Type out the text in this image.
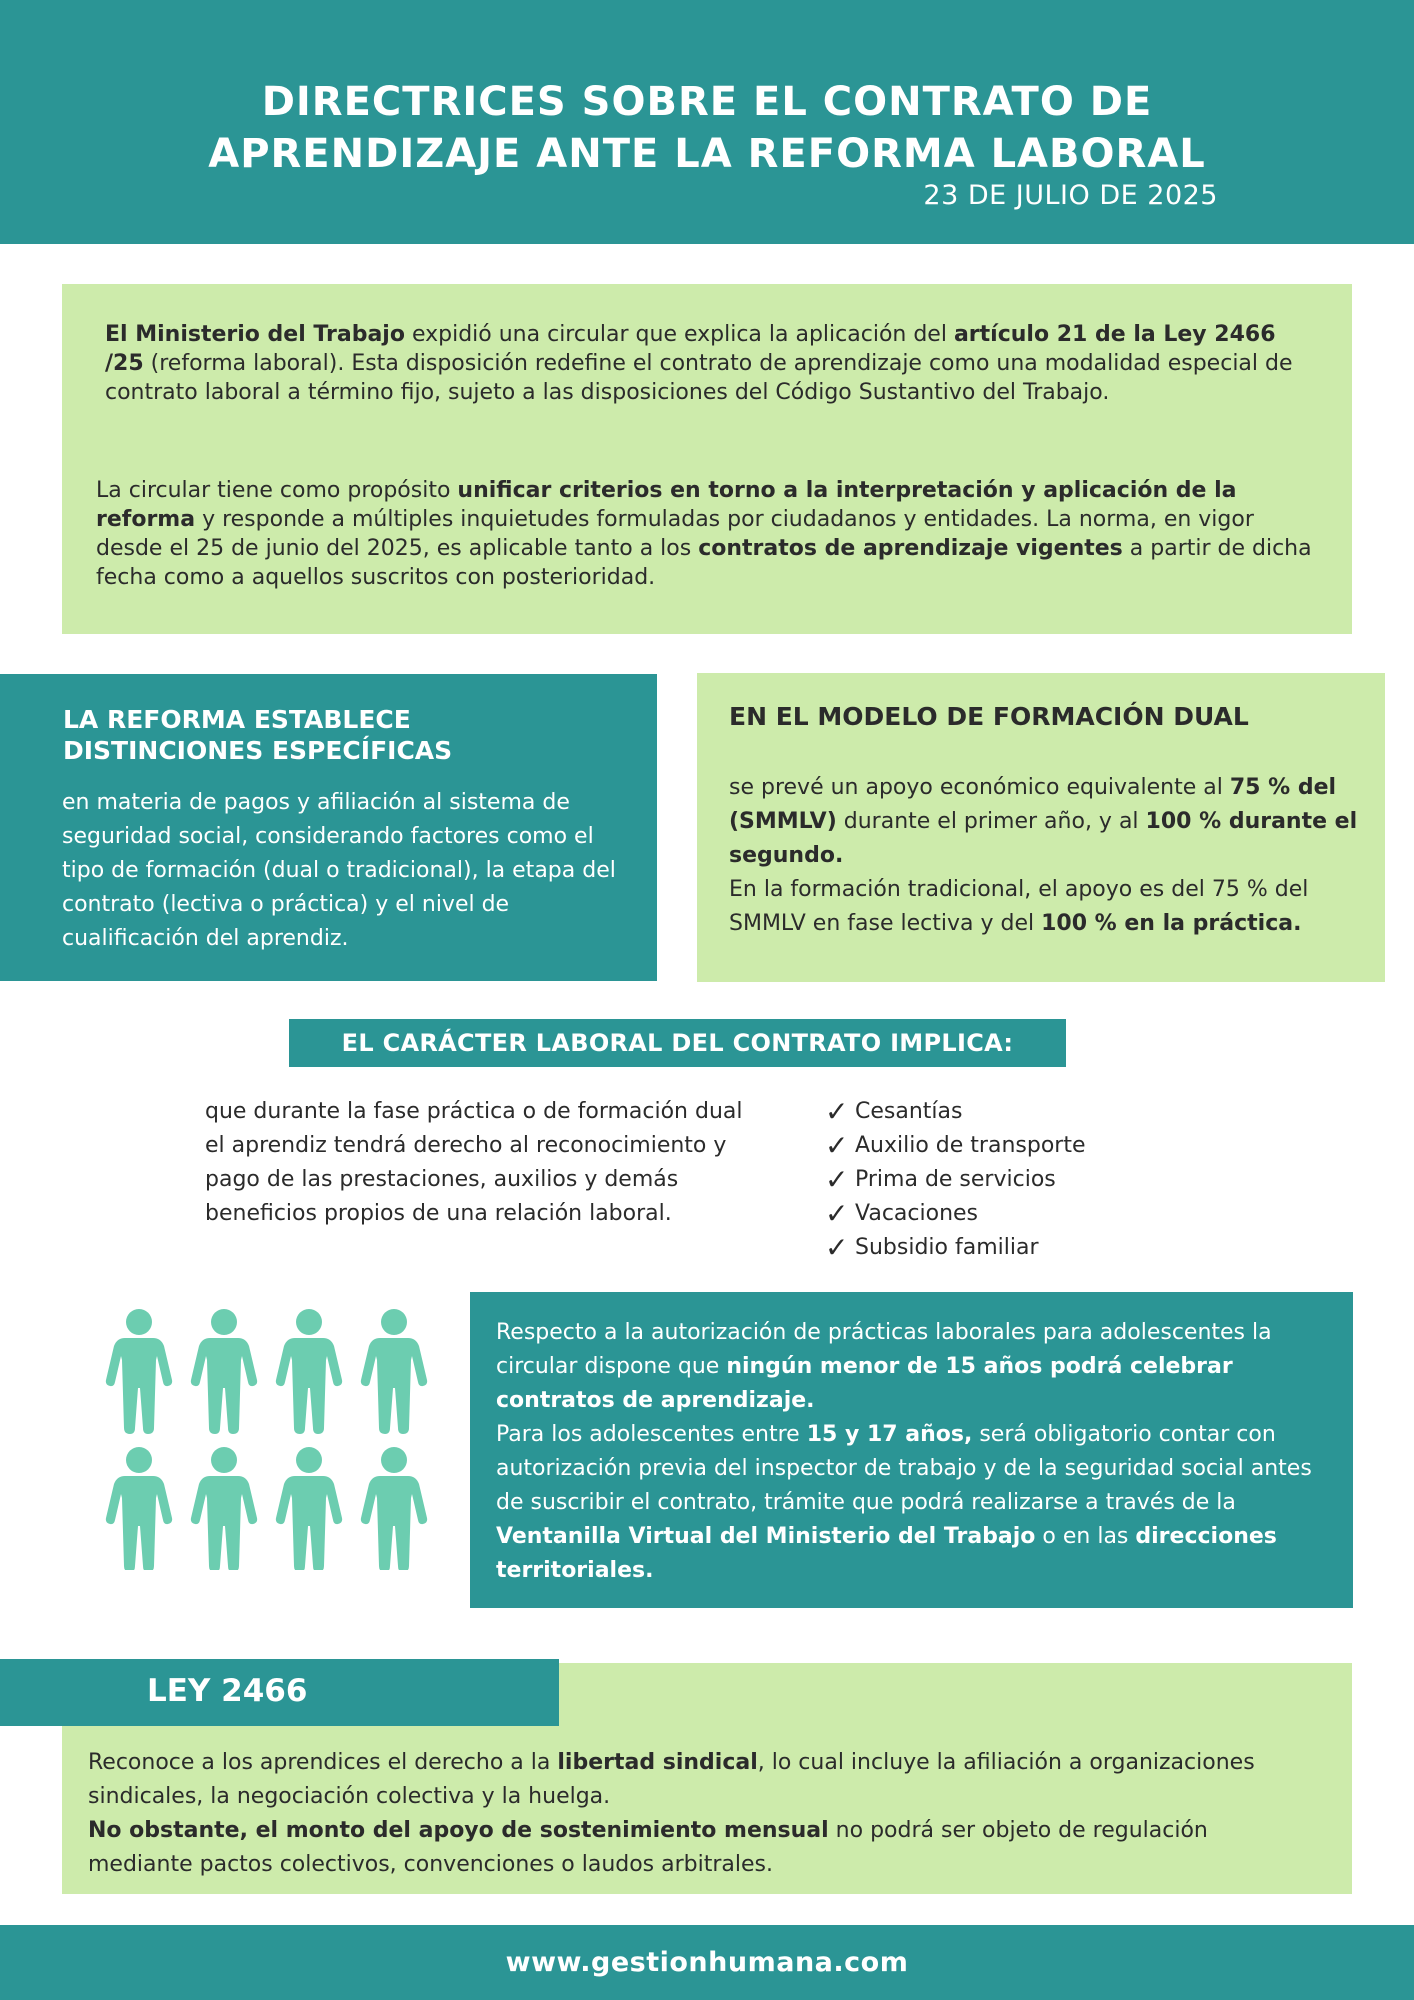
DIRECTRICES SOBRE EL CONTRATO DE
APRENDIZAJE ANTE LA REFORMA LABORAL
23 DE JULIO DE 2025
El Ministerio del Trabajo expidió una circular que explica la aplicación del artículo 21 de la Ley 2466 /25 (reforma laboral). Esta disposición redefine el contrato de aprendizaje como una modalidad especial de contrato laboral a término fijo, sujeto a las disposiciones del Código Sustantivo del Trabajo.
La circular tiene como propósito unificar criterios en torno a la interpretación y aplicación de la reforma y responde a múltiples inquietudes formuladas por ciudadanos y entidades. La norma, en vigor desde el 25 de junio del 2025, es aplicable tanto a los contratos de aprendizaje vigentes a partir de dicha fecha como a aquellos suscritos con posterioridad.
LA REFORMA ESTABLECE
DISTINCIONES ESPECÍFICAS
en materia de pagos y afiliación al sistema de seguridad social, considerando factores como el tipo de formación (dual o tradicional), la etapa del contrato (lectiva o práctica) y el nivel de cualificación del aprendiz.
EN EL MODELO DE FORMACIÓN DUAL
se prevé un apoyo económico equivalente al 75 % del (SMMLV) durante el primer año, y al 100 % durante el segundo.
En la formación tradicional, el apoyo es del 75 % del SMMLV en fase lectiva y del 100 % en la práctica.
EL CARÁCTER LABORAL DEL CONTRATO IMPLICA:
que durante la fase práctica o de formación dual el aprendiz tendrá derecho al reconocimiento y pago de las prestaciones, auxilios y demás beneficios propios de una relación laboral.
✓ Cesantías
✓ Auxilio de transporte
✓ Prima de servicios
✓ Vacaciones
✓ Subsidio familiar
Respecto a la autorización de prácticas laborales para adolescentes la circular dispone que ningún menor de 15 años podrá celebrar contratos de aprendizaje.
Para los adolescentes entre 15 y 17 años, será obligatorio contar con autorización previa del inspector de trabajo y de la seguridad social antes de suscribir el contrato, trámite que podrá realizarse a través de la Ventanilla Virtual del Ministerio del Trabajo o en las direcciones territoriales.
Reconoce a los aprendices el derecho a la libertad sindical, lo cual incluye la afiliación a organizaciones sindicales, la negociación colectiva y la huelga.
No obstante, el monto del apoyo de sostenimiento mensual no podrá ser objeto de regulación mediante pactos colectivos, convenciones o laudos arbitrales.
LEY 2466
www.gestionhumana.com
